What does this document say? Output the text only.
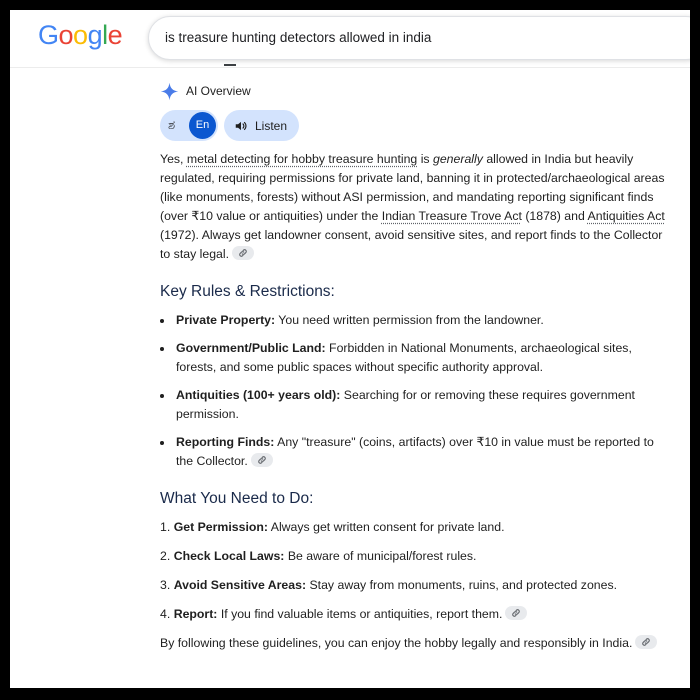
Google	is treasure hunting detectors allowed in india
AI Overview
ಶ	En	Listen

Yes, metal detecting for hobby treasure hunting is generally allowed in India but heavily regulated, requiring permissions for private land, banning it in protected/archaeological areas (like monuments, forests) without ASI permission, and mandating reporting significant finds (over ₹10 value or antiquities) under the Indian Treasure Trove Act (1878) and Antiquities Act (1972). Always get landowner consent, avoid sensitive sites, and report finds to the Collector to stay legal.

Key Rules & Restrictions:
Private Property: You need written permission from the landowner.
Government/Public Land: Forbidden in National Monuments, archaeological sites, forests, and some public spaces without specific authority approval.
Antiquities (100+ years old): Searching for or removing these requires government permission.
Reporting Finds: Any "treasure" (coins, artifacts) over ₹10 in value must be reported to the Collector.
What You Need to Do:
1. Get Permission: Always get written consent for private land.
2. Check Local Laws: Be aware of municipal/forest rules.
3. Avoid Sensitive Areas: Stay away from monuments, ruins, and protected zones.
4. Report: If you find valuable items or antiquities, report them.

By following these guidelines, you can enjoy the hobby legally and responsibly in India.
